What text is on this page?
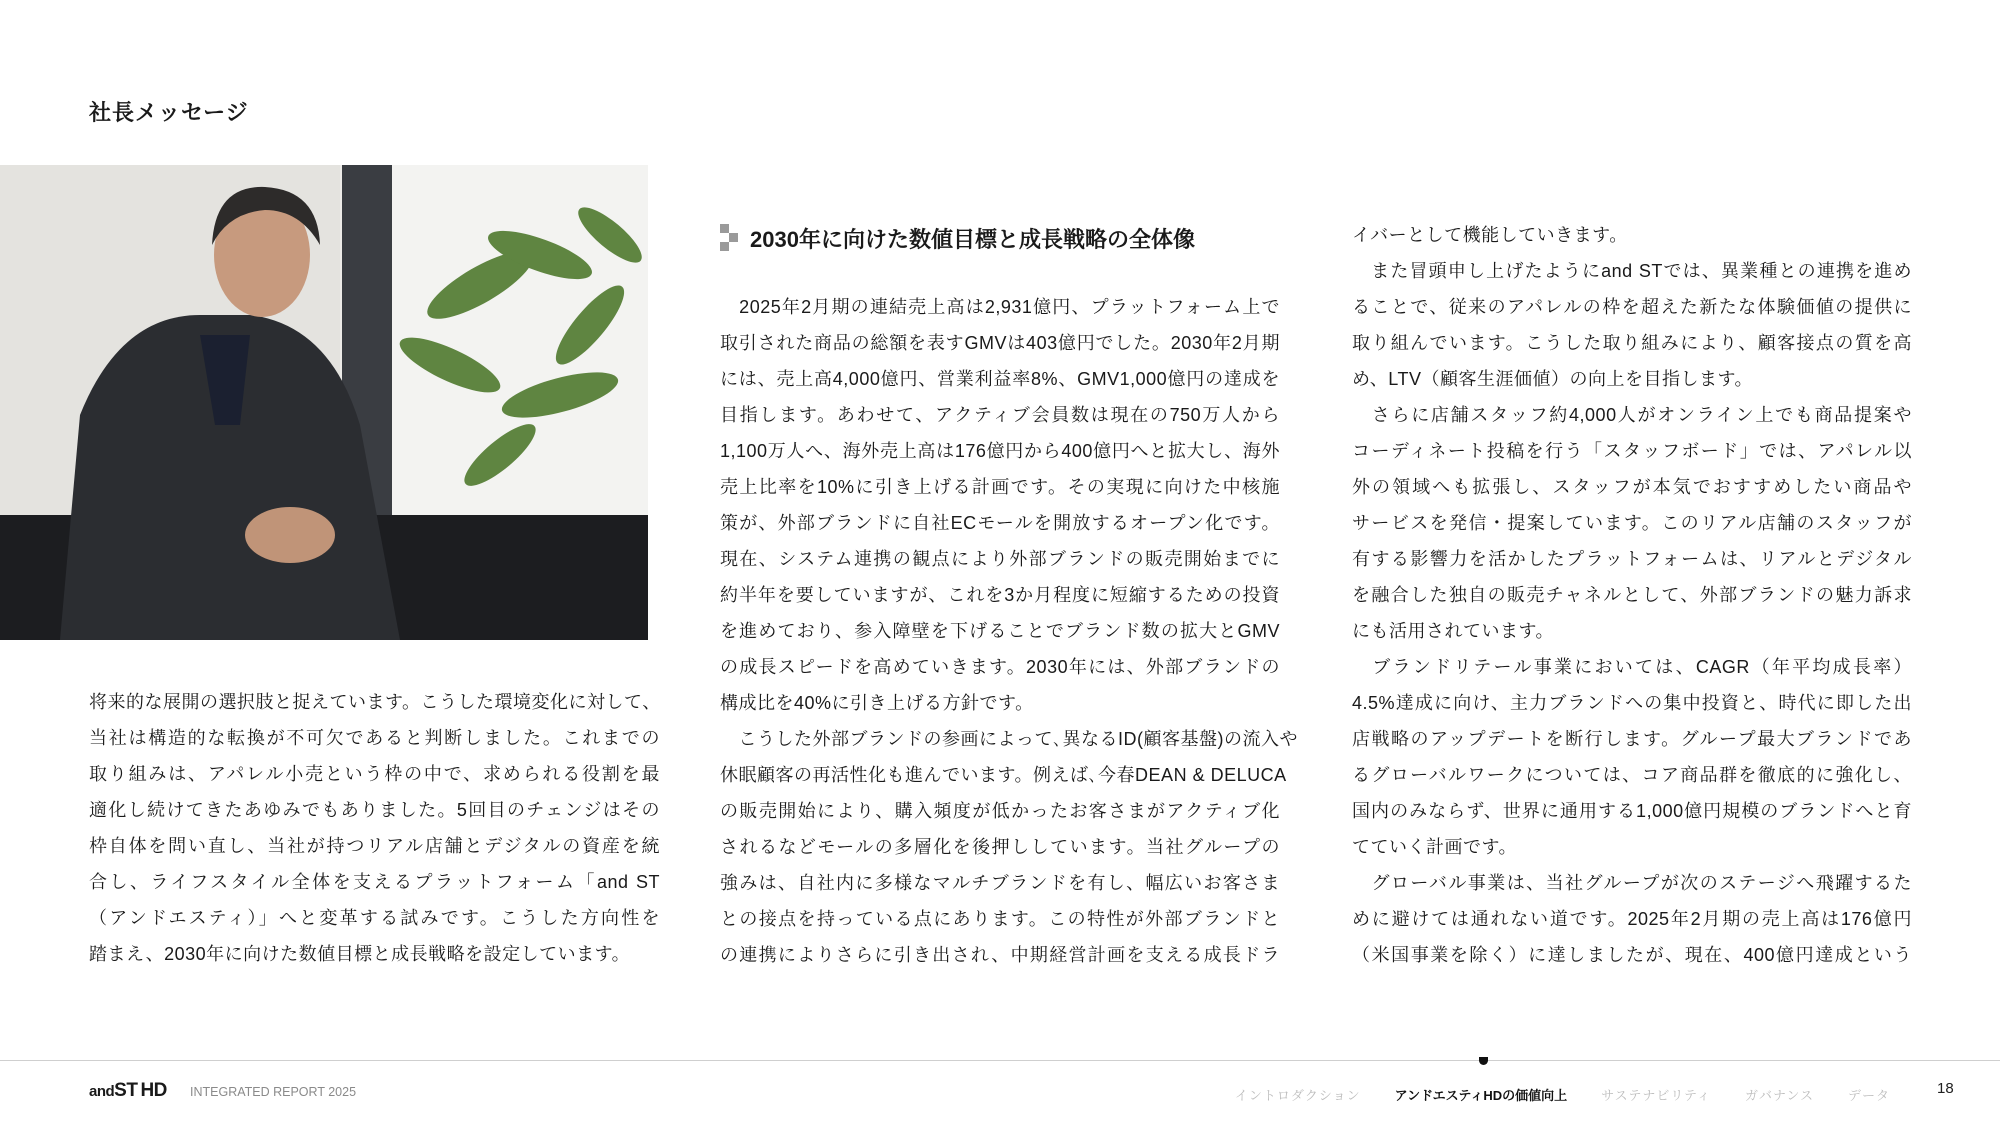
社長メッセージ
将来的な展開の選択肢と捉えています。こうした環境変化に対して、
当社は構造的な転換が不可欠であると判断しました。これまでの
取り組みは、アパレル小売という枠の中で、求められる役割を最
適化し続けてきたあゆみでもありました。5回目のチェンジはその
枠自体を問い直し、当社が持つリアル店舗とデジタルの資産を統
合し、ライフスタイル全体を支えるプラットフォーム「and ST
（アンドエスティ）」へと変革する試みです。こうした方向性を
踏まえ、2030年に向けた数値目標と成長戦略を設定しています。
2030年に向けた数値目標と成長戦略の全体像
　2025年2月期の連結売上高は2,931億円、プラットフォーム上で
取引された商品の総額を表すGMVは403億円でした。2030年2月期
には、売上高4,000億円、営業利益率8%、GMV1,000億円の達成を
目指します。あわせて、アクティブ会員数は現在の750万人から
1,100万人へ、海外売上高は176億円から400億円へと拡大し、海外
売上比率を10%に引き上げる計画です。その実現に向けた中核施
策が、外部ブランドに自社ECモールを開放するオープン化です。
現在、システム連携の観点により外部ブランドの販売開始までに
約半年を要していますが、これを3か月程度に短縮するための投資
を進めており、参入障壁を下げることでブランド数の拡大とGMV
の成長スピードを高めていきます。2030年には、外部ブランドの
構成比を40%に引き上げる方針です。
　こうした外部ブランドの参画によって､異なるID(顧客基盤)の流入や
休眠顧客の再活性化も進んでいます。例えば､今春DEAN & DELUCA
の販売開始により、購入頻度が低かったお客さまがアクティブ化
されるなどモールの多層化を後押ししています。当社グループの
強みは、自社内に多様なマルチブランドを有し、幅広いお客さま
との接点を持っている点にあります。この特性が外部ブランドと
の連携によりさらに引き出され、中期経営計画を支える成長ドラ
イバーとして機能していきます。
　また冒頭申し上げたようにand STでは、異業種との連携を進め
ることで、従来のアパレルの枠を超えた新たな体験価値の提供に
取り組んでいます。こうした取り組みにより、顧客接点の質を高
め、LTV（顧客生涯価値）の向上を目指します。
　さらに店舗スタッフ約4,000人がオンライン上でも商品提案や
コーディネート投稿を行う「スタッフボード」では、アパレル以
外の領域へも拡張し、スタッフが本気でおすすめしたい商品や
サービスを発信・提案しています。このリアル店舗のスタッフが
有する影響力を活かしたプラットフォームは、リアルとデジタル
を融合した独自の販売チャネルとして、外部ブランドの魅力訴求
にも活用されています。
　ブランドリテール事業においては、CAGR（年平均成長率）
4.5%達成に向け、主力ブランドへの集中投資と、時代に即した出
店戦略のアップデートを断行します。グループ最大ブランドであ
るグローバルワークについては、コア商品群を徹底的に強化し、
国内のみならず、世界に通用する1,000億円規模のブランドへと育
てていく計画です。
　グローバル事業は、当社グループが次のステージへ飛躍するた
めに避けては通れない道です。2025年2月期の売上高は176億円
（米国事業を除く）に達しましたが、現在、400億円達成という
andST HD INTEGRATED REPORT 2025	イントロダクション	アンドエスティHDの価値向上	サステナビリティ	ガバナンス	データ	18
